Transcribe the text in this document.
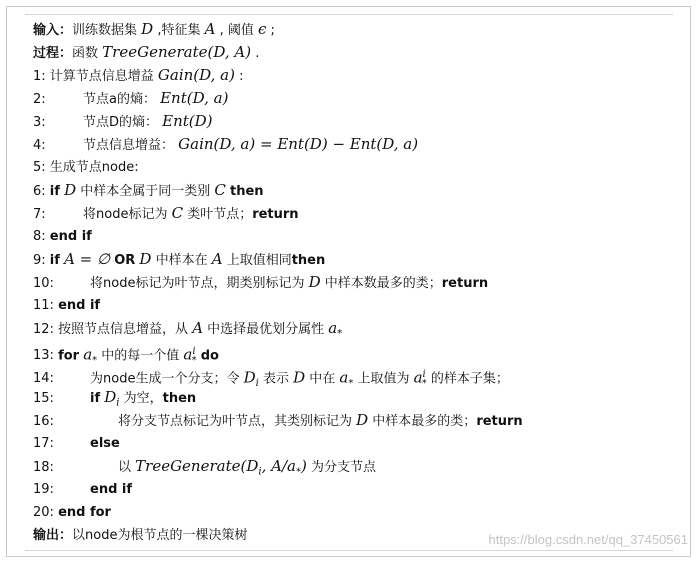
输入：训练数据集 D ,特征集 A , 阈值 ϵ ;
过程：函数 TreeGenerate(D, A) .
1: 计算节点信息增益 Gain(D, a) :
2:	节点a的熵： Ent(D, a)
3:	节点D的熵： Ent(D)
4:	节点信息增益： Gain(D, a) = Ent(D) − Ent(D, a)
5: 生成节点node:
6: if D 中样本全属于同一类别 C then
7:	将node标记为 C 类叶节点；return
8: end if
9: if A = ∅ OR D 中样本在 A 上取值相同then
10:	将node标记为叶节点，期类别标记为 D 中样本数最多的类；return
11: end if
12: 按照节点信息增益，从 A 中选择最优划分属性 $a_*$
13: for $a_*$ 中的每一个值 $a^i_*$ do
14:	为node生成一个分支；令 $D_i$ 表示 D 中在 $a_*$ 上取值为 $a^i_*$ 的样本子集；
15:	if $D_i$ 为空，then
16:	将分支节点标记为叶节点，其类别标记为 D 中样本最多的类；return
17:	else
18:	以 $TreeGenerate(D_i$, $A/a_*$) 为分支节点
19:	end if
20: end for
输出：以node为根节点的一棵决策树	https://blog.csdn.net/qq_37450561
